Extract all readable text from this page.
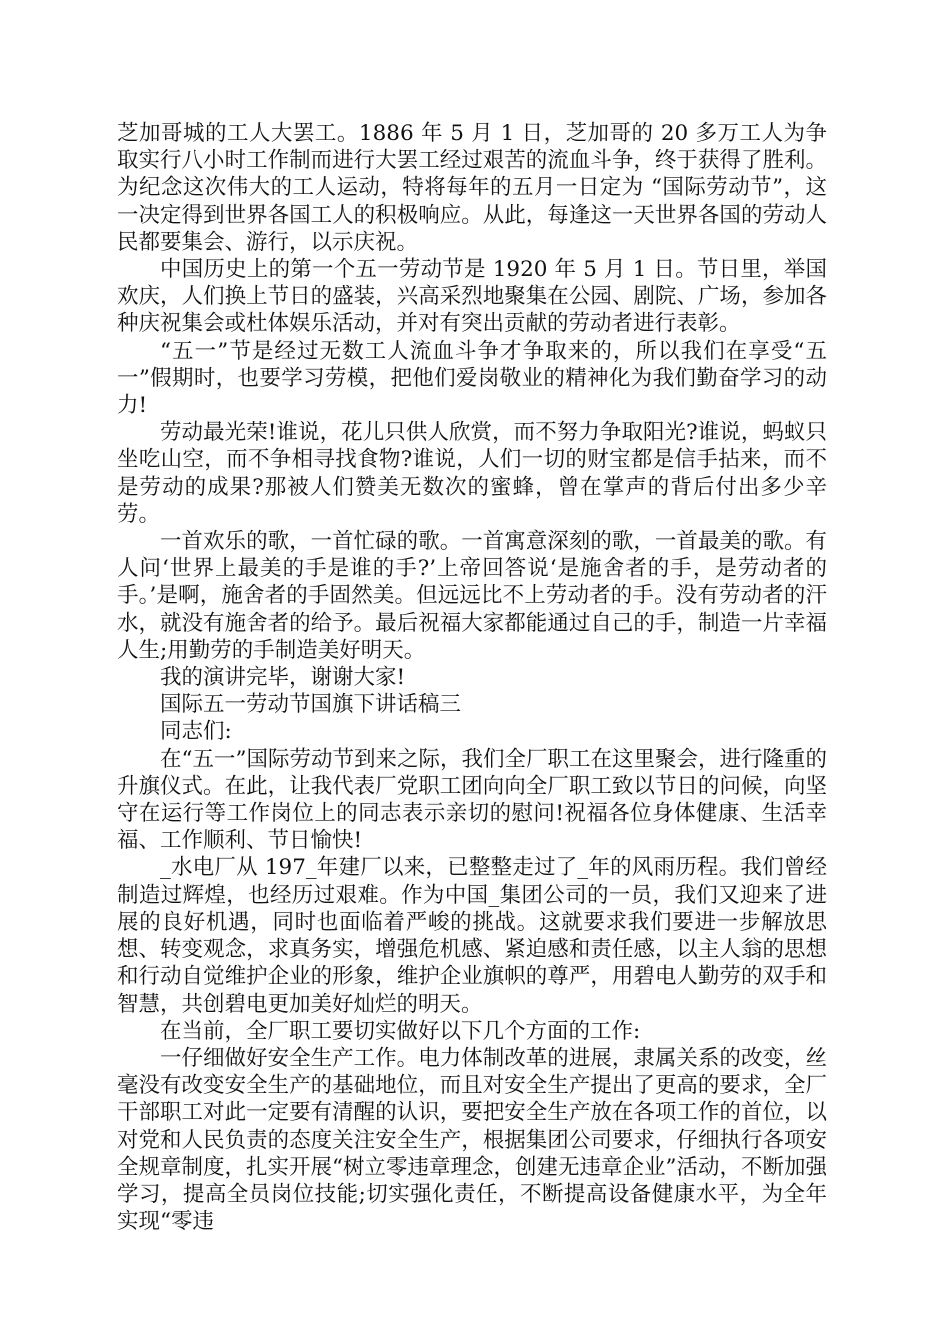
芝加哥城的工人大罢工。1886 年 5 月 1 日，芝加哥的 20 多万工人为争取实行八小时工作制而进行大罢工经过艰苦的流血斗争，终于获得了胜利。为纪念这次伟大的工人运动，特将每年的五月一日定为 “国际劳动节”，这一决定得到世界各国工人的积极响应。从此，每逢这一天世界各国的劳动人民都要集会、游行，以示庆祝。

中国历史上的第一个五一劳动节是 1920 年 5 月 1 日。节日里，举国欢庆，人们换上节日的盛装，兴高采烈地聚集在公园、剧院、广场，参加各种庆祝集会或杜体娱乐活动，并对有突出贡献的劳动者进行表彰。

“五一”节是经过无数工人流血斗争才争取来的，所以我们在享受“五一”假期时，也要学习劳模，把他们爱岗敬业的精神化为我们勤奋学习的动力!

劳动最光荣!谁说，花儿只供人欣赏，而不努力争取阳光?谁说，蚂蚁只坐吃山空，而不争相寻找食物?谁说，人们一切的财宝都是信手拈来，而不是劳动的成果?那被人们赞美无数次的蜜蜂，曾在掌声的背后付出多少辛劳。

一首欢乐的歌，一首忙碌的歌。一首寓意深刻的歌，一首最美的歌。有人问‘世界上最美的手是谁的手?’上帝回答说‘是施舍者的手，是劳动者的手。’是啊，施舍者的手固然美。但远远比不上劳动者的手。没有劳动者的汗水，就没有施舍者的给予。最后祝福大家都能通过自己的手，制造一片幸福人生;用勤劳的手制造美好明天。

我的演讲完毕，谢谢大家!

国际五一劳动节国旗下讲话稿三

同志们:

在“五一”国际劳动节到来之际，我们全厂职工在这里聚会，进行隆重的升旗仪式。在此，让我代表厂党职工团向向全厂职工致以节日的问候，向坚守在运行等工作岗位上的同志表示亲切的慰问!祝福各位身体健康、生活幸福、工作顺利、节日愉快!

_水电厂从 197_年建厂以来，已整整走过了_年的风雨历程。我们曾经制造过辉煌，也经历过艰难。作为中国_集团公司的一员，我们又迎来了进展的良好机遇，同时也面临着严峻的挑战。这就要求我们要进一步解放思想、转变观念，求真务实，增强危机感、紧迫感和责任感，以主人翁的思想和行动自觉维护企业的形象，维护企业旗帜的尊严，用碧电人勤劳的双手和智慧，共创碧电更加美好灿烂的明天。

在当前，全厂职工要切实做好以下几个方面的工作:

一仔细做好安全生产工作。电力体制改革的进展，隶属关系的改变，丝毫没有改变安全生产的基础地位，而且对安全生产提出了更高的要求，全厂干部职工对此一定要有清醒的认识，要把安全生产放在各项工作的首位，以对党和人民负责的态度关注安全生产，根据集团公司要求，仔细执行各项安全规章制度，扎实开展“树立零违章理念，创建无违章企业”活动，不断加强学习，提高全员岗位技能;切实强化责任，不断提高设备健康水平，为全年实现“零违
